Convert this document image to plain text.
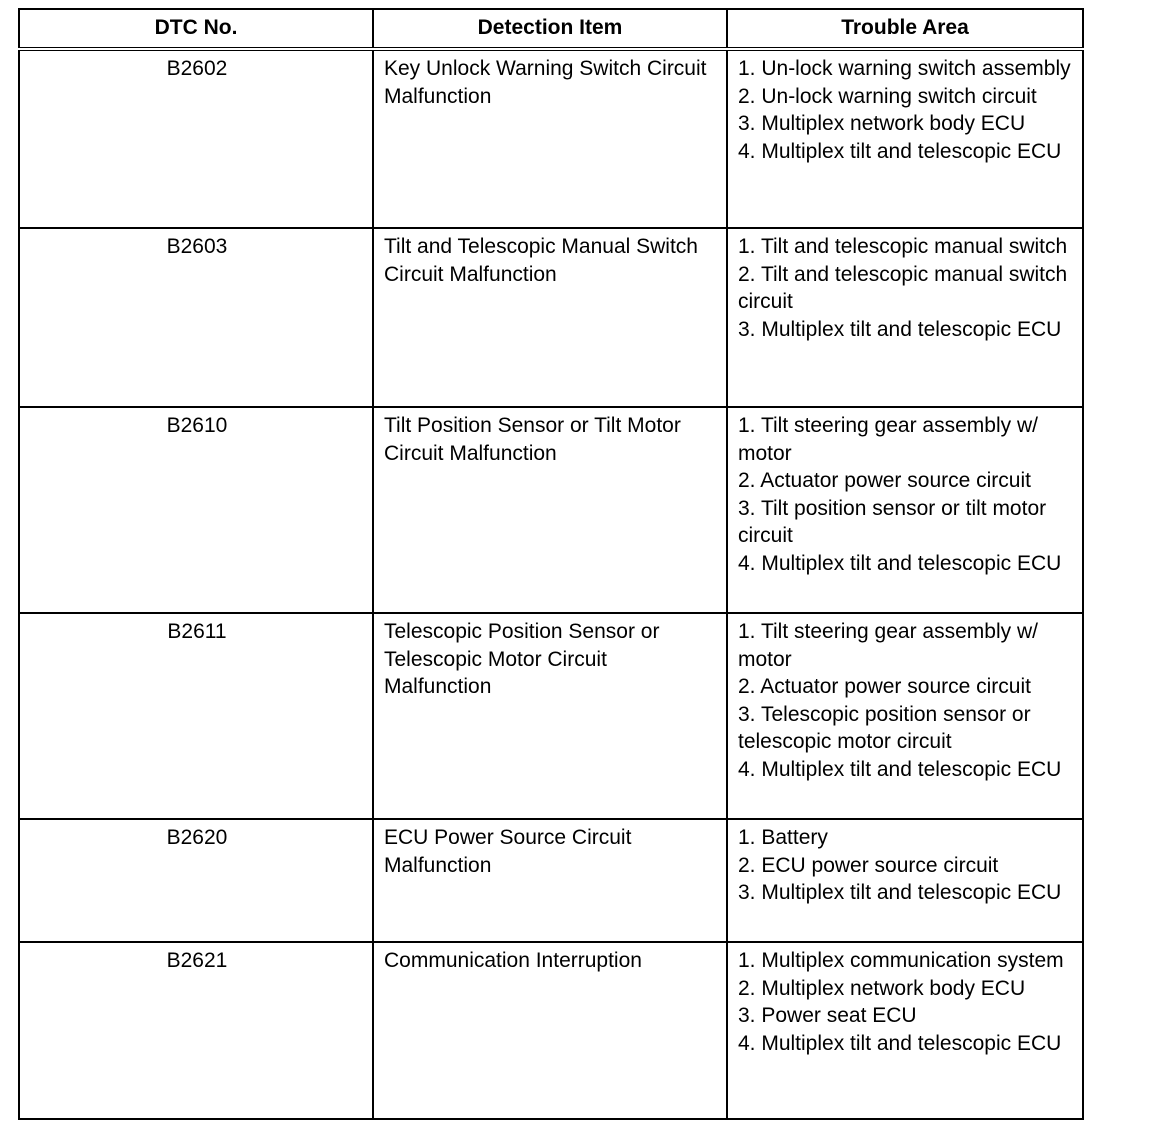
DTC No.	Detection Item	Trouble Area
B2602	Key Unlock Warning Switch Circuit Malfunction	1. Un-lock warning switch assembly
2. Un-lock warning switch circuit
3. Multiplex network body ECU
4. Multiplex tilt and telescopic ECU

B2603	Tilt and Telescopic Manual Switch Circuit Malfunction	1. Tilt and telescopic manual switch
2. Tilt and telescopic manual switch circuit
3. Multiplex tilt and telescopic ECU

B2610	Tilt Position Sensor or Tilt Motor Circuit Malfunction	1. Tilt steering gear assembly w/ motor
2. Actuator power source circuit
3. Tilt position sensor or tilt motor circuit
4. Multiplex tilt and telescopic ECU

B2611	Telescopic Position Sensor or Telescopic Motor Circuit Malfunction	1. Tilt steering gear assembly w/ motor
2. Actuator power source circuit
3. Telescopic position sensor or telescopic motor circuit
4. Multiplex tilt and telescopic ECU

B2620	ECU Power Source Circuit Malfunction	1. Battery
2. ECU power source circuit
3. Multiplex tilt and telescopic ECU

B2621	Communication Interruption	1. Multiplex communication system
2. Multiplex network body ECU
3. Power seat ECU
4. Multiplex tilt and telescopic ECU
